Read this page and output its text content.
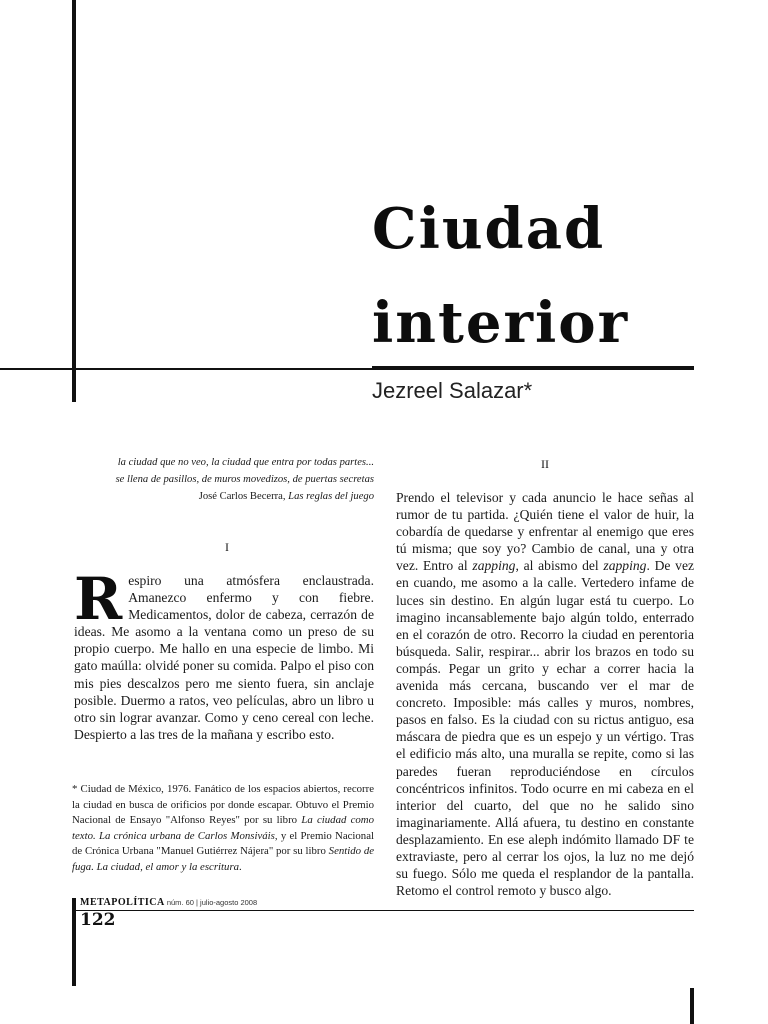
Ciudad
interior
Jezreel Salazar*
la ciudad que no veo, la ciudad que entra por todas partes...
se llena de pasillos, de muros movedizos, de puertas secretas
José Carlos Becerra, Las reglas del juego
I
II
Respiro una atmósfera enclaustrada. Amanezco enfermo y con fiebre. Medicamentos, dolor de cabeza, cerrazón de ideas. Me asomo a la ventana como un preso de su propio cuerpo. Me hallo en una especie de limbo. Mi gato maúlla: olvidé poner su comida. Palpo el piso con mis pies descalzos pero me siento fuera, sin anclaje posible. Duermo a ratos, veo películas, abro un libro u otro sin lograr avanzar. Como y ceno cereal con leche. Despierto a las tres de la mañana y escribo esto.
Prendo el televisor y cada anuncio le hace señas al rumor de tu partida. ¿Quién tiene el valor de huir, la cobardía de quedarse y enfrentar al enemigo que eres tú misma; que soy yo? Cambio de canal, una y otra vez. Entro al zapping, al abismo del zapping. De vez en cuando, me asomo a la calle. Vertedero infame de luces sin destino. En algún lugar está tu cuerpo. Lo imagino incansablemente bajo algún toldo, enterrado en el corazón de otro. Recorro la ciudad en perentoria búsqueda. Salir, respirar... abrir los brazos en todo su compás. Pegar un grito y echar a correr hacia la avenida más cercana, buscando ver el mar de concreto. Imposible: más calles y muros, nombres, pasos en falso. Es la ciudad con su rictus antiguo, esa máscara de piedra que es un espejo y un vértigo. Tras el edificio más alto, una muralla se repite, como si las paredes fueran reproduciéndose en círculos concéntricos infinitos. Todo ocurre en mi cabeza en el interior del cuarto, del que no he salido sino imaginariamente. Allá afuera, tu destino en constante desplazamiento. En ese aleph indómito llamado DF te extraviaste, pero al cerrar los ojos, la luz no me dejó su fuego. Sólo me queda el resplandor de la pantalla. Retomo el control remoto y busco algo.
* Ciudad de México, 1976. Fanático de los espacios abiertos, recorre la ciudad en busca de orificios por donde escapar. Obtuvo el Premio Nacional de Ensayo "Alfonso Reyes" por su libro La ciudad como texto. La crónica urbana de Carlos Monsiváis, y el Premio Nacional de Crónica Urbana "Manuel Gutiérrez Nájera" por su libro Sentido de fuga. La ciudad, el amor y la escritura.
METAPOLÍTICA núm. 60 | julio-agosto 2008
122
